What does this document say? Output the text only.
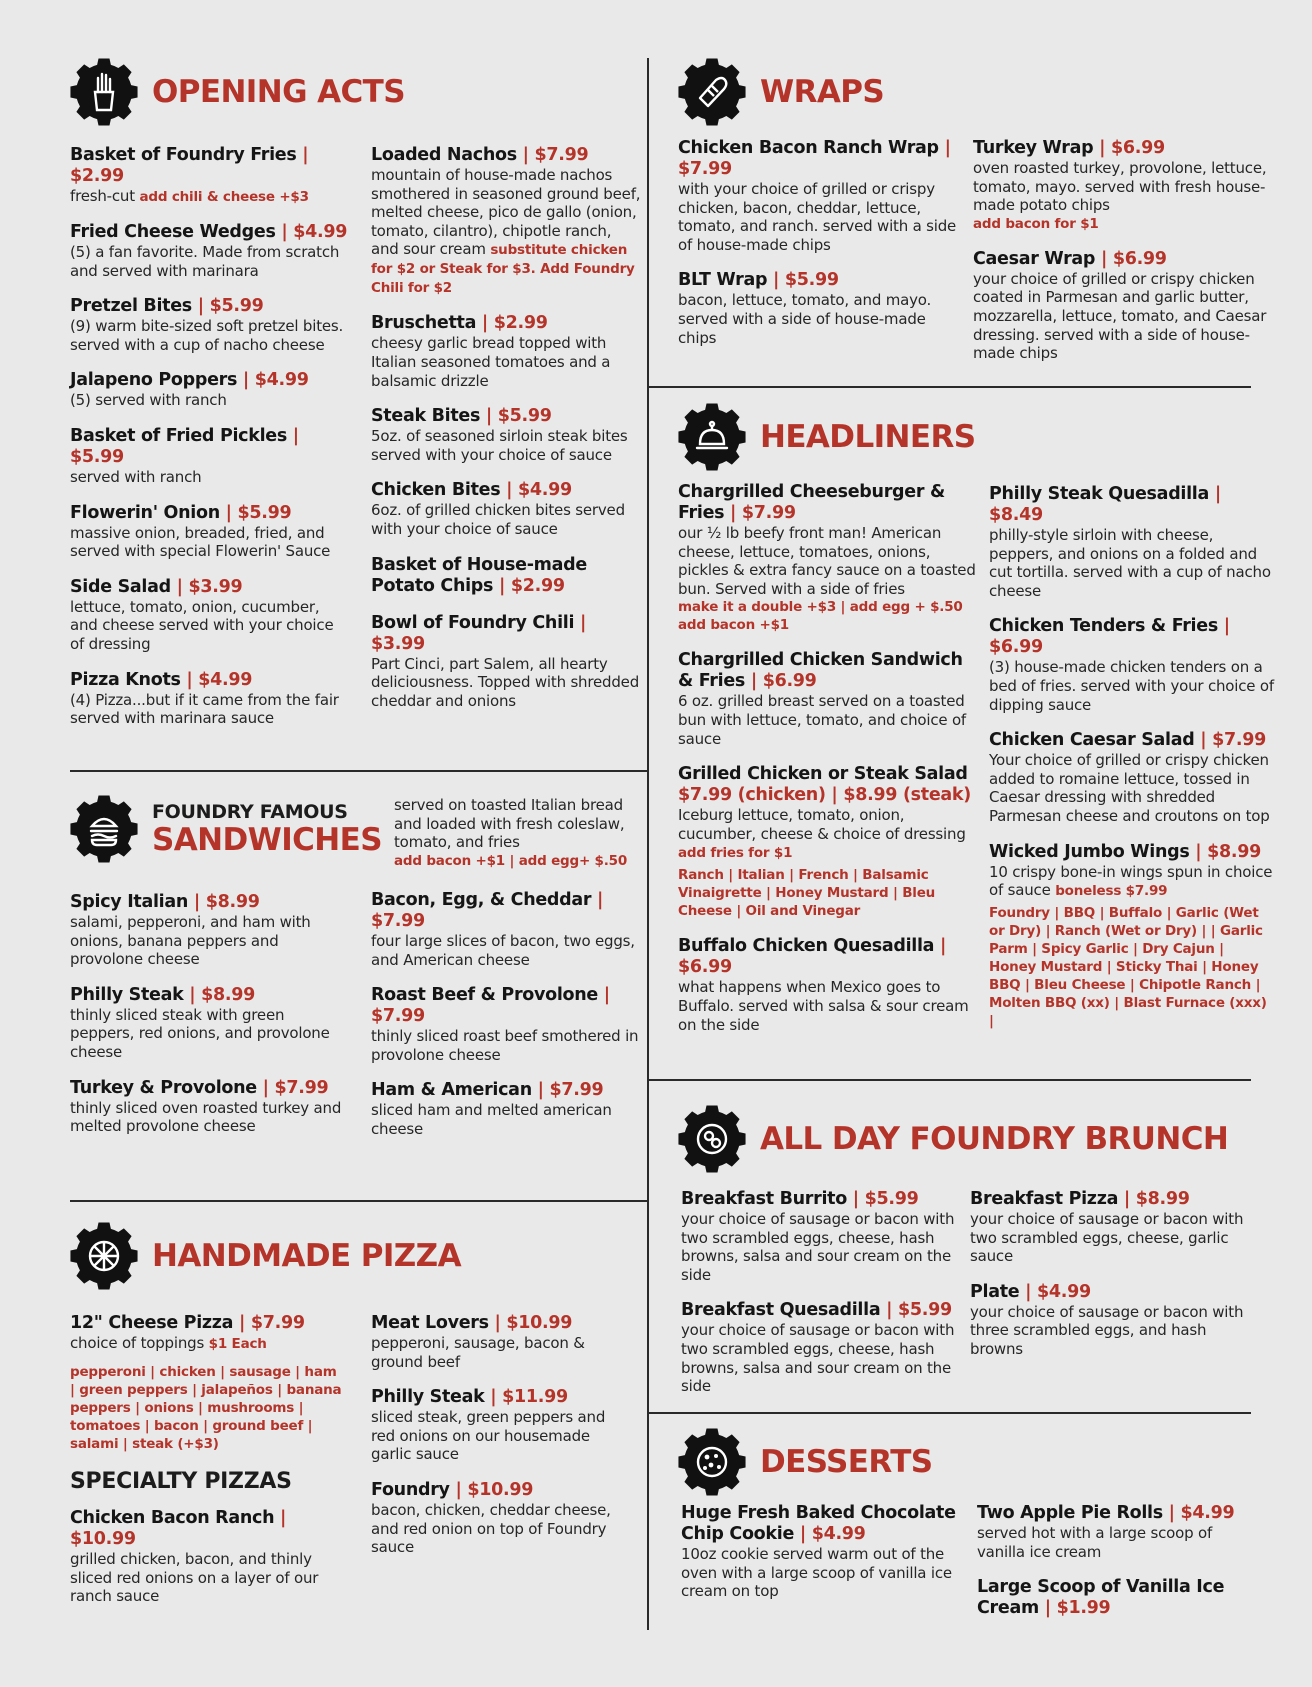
OPENING ACTS
Basket of Foundry Fries | $2.99
fresh-cut add chili & cheese +$3
Fried Cheese Wedges | $4.99
(5) a fan favorite. Made from scratch and served with marinara
Pretzel Bites | $5.99
(9) warm bite-sized soft pretzel bites. served with a cup of nacho cheese
Jalapeno Poppers | $4.99
(5) served with ranch
Basket of Fried Pickles | $5.99
served with ranch
Flowerin' Onion | $5.99
massive onion, breaded, fried, and served with special Flowerin' Sauce
Side Salad | $3.99
lettuce, tomato, onion, cucumber, and cheese served with your choice of dressing
Pizza Knots | $4.99
(4) Pizza...but if it came from the fair served with marinara sauce
Loaded Nachos | $7.99
mountain of house-made nachos smothered in seasoned ground beef, melted cheese, pico de gallo (onion, tomato, cilantro), chipotle ranch, and sour cream substitute chicken for $2 or Steak for $3. Add Foundry Chili for $2
Bruschetta | $2.99
cheesy garlic bread topped with Italian seasoned tomatoes and a balsamic drizzle
Steak Bites | $5.99
5oz. of seasoned sirloin steak bites served with your choice of sauce
Chicken Bites | $4.99
6oz. of grilled chicken bites served with your choice of sauce
Basket of House-made Potato Chips | $2.99
Bowl of Foundry Chili | $3.99
Part Cinci, part Salem, all hearty deliciousness. Topped with shredded cheddar and onions
FOUNDRY FAMOUS
SANDWICHES
served on toasted Italian bread and loaded with fresh coleslaw, tomato, and fries
add bacon +$1 | add egg+ $.50
Spicy Italian | $8.99
salami, pepperoni, and ham with onions, banana peppers and provolone cheese
Philly Steak | $8.99
thinly sliced steak with green peppers, red onions, and provolone cheese
Turkey & Provolone | $7.99
thinly sliced oven roasted turkey and melted provolone cheese
Bacon, Egg, & Cheddar | $7.99
four large slices of bacon, two eggs, and American cheese
Roast Beef & Provolone | $7.99
thinly sliced roast beef smothered in provolone cheese
Ham & American | $7.99
sliced ham and melted american cheese
HANDMADE PIZZA
12" Cheese Pizza | $7.99
choice of toppings $1 Each
pepperoni | chicken | sausage | ham | green peppers | jalapeños | banana peppers | onions | mushrooms | tomatoes | bacon | ground beef | salami | steak (+$3)
SPECIALTY PIZZAS
Chicken Bacon Ranch | $10.99
grilled chicken, bacon, and thinly sliced red onions on a layer of our ranch sauce
Meat Lovers | $10.99
pepperoni, sausage, bacon & ground beef
Philly Steak | $11.99
sliced steak, green peppers and red onions on our housemade garlic sauce
Foundry | $10.99
bacon, chicken, cheddar cheese, and red onion on top of Foundry sauce
WRAPS
Chicken Bacon Ranch Wrap | $7.99
with your choice of grilled or crispy chicken, bacon, cheddar, lettuce, tomato, and ranch. served with a side of house-made chips
BLT Wrap | $5.99
bacon, lettuce, tomato, and mayo. served with a side of house-made chips
Turkey Wrap | $6.99
oven roasted turkey, provolone, lettuce, tomato, mayo. served with fresh house-made potato chips
add bacon for $1
Caesar Wrap | $6.99
your choice of grilled or crispy chicken coated in Parmesan and garlic butter, mozzarella, lettuce, tomato, and Caesar dressing. served with a side of house-made chips
HEADLINERS
Chargrilled Cheeseburger & Fries | $7.99
our ½ lb beefy front man! American cheese, lettuce, tomatoes, onions, pickles & extra fancy sauce on a toasted bun. Served with a side of fries
make it a double +$3 | add egg + $.50 add bacon +$1
Chargrilled Chicken Sandwich & Fries | $6.99
6 oz. grilled breast served on a toasted bun with lettuce, tomato, and choice of sauce
Grilled Chicken or Steak Salad
$7.99 (chicken) | $8.99 (steak)
Iceburg lettuce, tomato, onion, cucumber, cheese & choice of dressing add fries for $1
Ranch | Italian | French | Balsamic Vinaigrette | Honey Mustard | Bleu Cheese | Oil and Vinegar
Buffalo Chicken Quesadilla | $6.99
what happens when Mexico goes to Buffalo. served with salsa & sour cream on the side
Philly Steak Quesadilla | $8.49
philly-style sirloin with cheese, peppers, and onions on a folded and cut tortilla. served with a cup of nacho cheese
Chicken Tenders & Fries | $6.99
(3) house-made chicken tenders on a bed of fries. served with your choice of dipping sauce
Chicken Caesar Salad | $7.99
Your choice of grilled or crispy chicken added to romaine lettuce, tossed in Caesar dressing with shredded Parmesan cheese and croutons on top
Wicked Jumbo Wings | $8.99
10 crispy bone-in wings spun in choice of sauce boneless $7.99
Foundry | BBQ | Buffalo | Garlic (Wet or Dry) | Ranch (Wet or Dry) | | Garlic Parm | Spicy Garlic | Dry Cajun | Honey Mustard | Sticky Thai | Honey BBQ | Bleu Cheese | Chipotle Ranch | Molten BBQ (xx) | Blast Furnace (xxx) |
ALL DAY FOUNDRY BRUNCH
Breakfast Burrito | $5.99
your choice of sausage or bacon with two scrambled eggs, cheese, hash browns, salsa and sour cream on the side
Breakfast Quesadilla | $5.99
your choice of sausage or bacon with two scrambled eggs, cheese, hash browns, salsa and sour cream on the side
Breakfast Pizza | $8.99
your choice of sausage or bacon with two scrambled eggs, cheese, garlic sauce
Plate | $4.99
your choice of sausage or bacon with three scrambled eggs, and hash browns
DESSERTS
Huge Fresh Baked Chocolate Chip Cookie | $4.99
10oz cookie served warm out of the oven with a large scoop of vanilla ice cream on top
Two Apple Pie Rolls | $4.99
served hot with a large scoop of vanilla ice cream
Large Scoop of Vanilla Ice Cream | $1.99
